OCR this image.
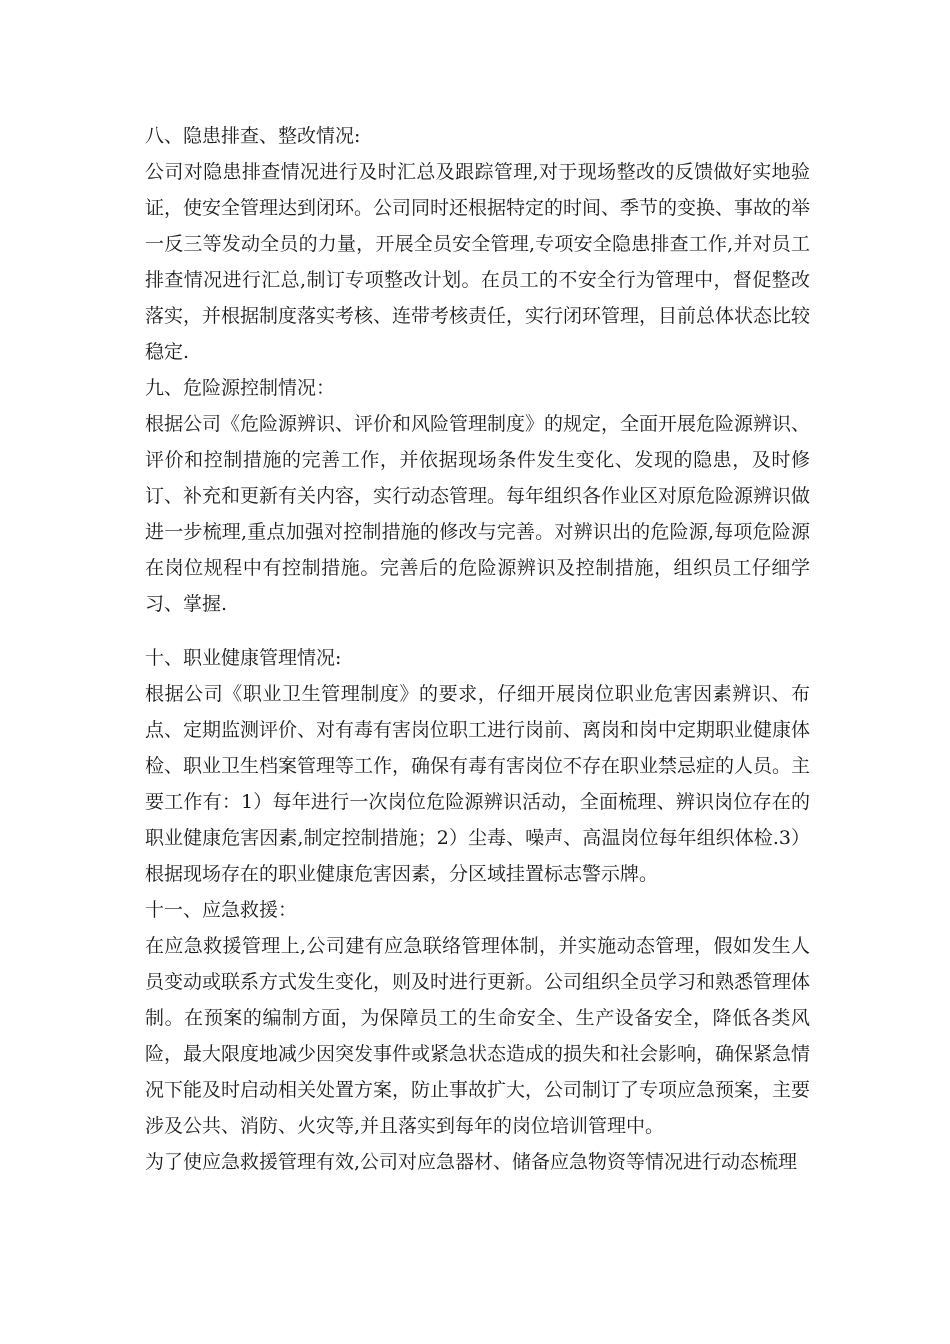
八、隐患排查、整改情况:

公司对隐患排查情况进行及时汇总及跟踪管理,对于现场整改的反馈做好实地验证，使安全管理达到闭环。公司同时还根据特定的时间、季节的变换、事故的举一反三等发动全员的力量，开展全员安全管理,专项安全隐患排查工作,并对员工排查情况进行汇总,制订专项整改计划。在员工的不安全行为管理中，督促整改落实，并根据制度落实考核、连带考核责任，实行闭环管理，目前总体状态比较稳定.

九、危险源控制情况：

根据公司《危险源辨识、评价和风险管理制度》的规定，全面开展危险源辨识、评价和控制措施的完善工作，并依据现场条件发生变化、发现的隐患，及时修订、补充和更新有关内容，实行动态管理。每年组织各作业区对原危险源辨识做进一步梳理,重点加强对控制措施的修改与完善。对辨识出的危险源,每项危险源在岗位规程中有控制措施。完善后的危险源辨识及控制措施，组织员工仔细学习、掌握.

十、职业健康管理情况:

根据公司《职业卫生管理制度》的要求，仔细开展岗位职业危害因素辨识、布点、定期监测评价、对有毒有害岗位职工进行岗前、离岗和岗中定期职业健康体检、职业卫生档案管理等工作，确保有毒有害岗位不存在职业禁忌症的人员。主要工作有：1）每年进行一次岗位危险源辨识活动，全面梳理、辨识岗位存在的职业健康危害因素,制定控制措施；2）尘毒、噪声、高温岗位每年组织体检.3）根据现场存在的职业健康危害因素，分区域挂置标志警示牌。

十一、应急救援：

在应急救援管理上,公司建有应急联络管理体制，并实施动态管理，假如发生人员变动或联系方式发生变化，则及时进行更新。公司组织全员学习和熟悉管理体制。在预案的编制方面，为保障员工的生命安全、生产设备安全，降低各类风险，最大限度地减少因突发事件或紧急状态造成的损失和社会影响，确保紧急情况下能及时启动相关处置方案，防止事故扩大，公司制订了专项应急预案，主要涉及公共、消防、火灾等,并且落实到每年的岗位培训管理中。

为了使应急救援管理有效,公司对应急器材、储备应急物资等情况进行动态梳理
